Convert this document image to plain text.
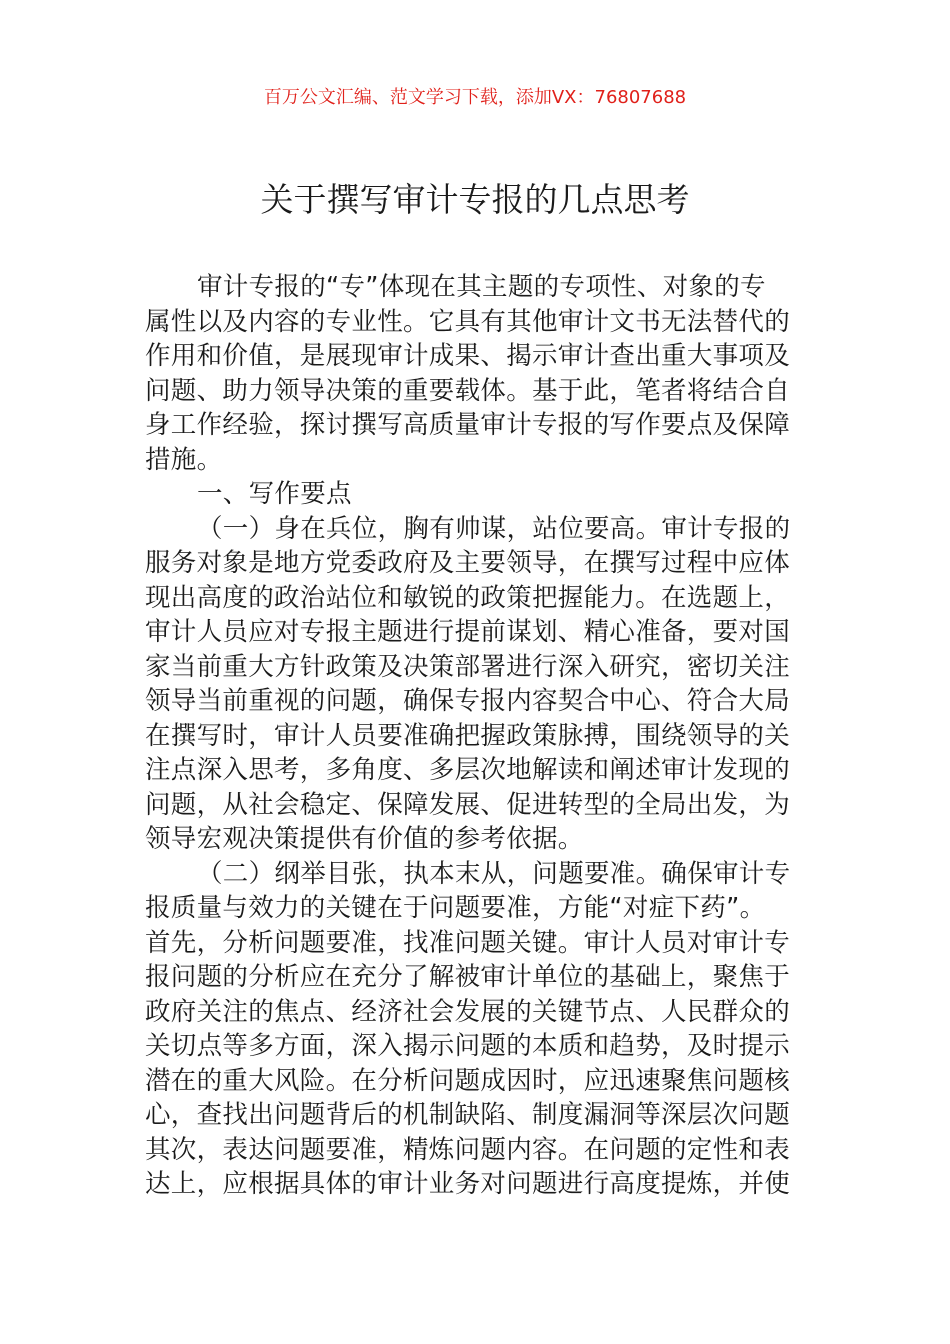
百万公文汇编、范文学习下载，添加VX：76807688
关于撰写审计专报的几点思考
审计专报的“专”体现在其主题的专项性、对象的专
属性以及内容的专业性。它具有其他审计文书无法替代的
作用和价值，是展现审计成果、揭示审计查出重大事项及
问题、助力领导决策的重要载体。基于此，笔者将结合自
身工作经验，探讨撰写高质量审计专报的写作要点及保障
措施。
一、写作要点
（一）身在兵位，胸有帅谋，站位要高。审计专报的
服务对象是地方党委政府及主要领导，在撰写过程中应体
现出高度的政治站位和敏锐的政策把握能力。在选题上，
审计人员应对专报主题进行提前谋划、精心准备，要对国
家当前重大方针政策及决策部署进行深入研究，密切关注
领导当前重视的问题，确保专报内容契合中心、符合大局
在撰写时，审计人员要准确把握政策脉搏，围绕领导的关
注点深入思考，多角度、多层次地解读和阐述审计发现的
问题，从社会稳定、保障发展、促进转型的全局出发，为
领导宏观决策提供有价值的参考依据。
（二）纲举目张，执本末从，问题要准。确保审计专
报质量与效力的关键在于问题要准，方能“对症下药”。
首先，分析问题要准，找准问题关键。审计人员对审计专
报问题的分析应在充分了解被审计单位的基础上，聚焦于
政府关注的焦点、经济社会发展的关键节点、人民群众的
关切点等多方面，深入揭示问题的本质和趋势，及时提示
潜在的重大风险。在分析问题成因时，应迅速聚焦问题核
心，查找出问题背后的机制缺陷、制度漏洞等深层次问题
其次，表达问题要准，精炼问题内容。在问题的定性和表
达上，应根据具体的审计业务对问题进行高度提炼，并使
